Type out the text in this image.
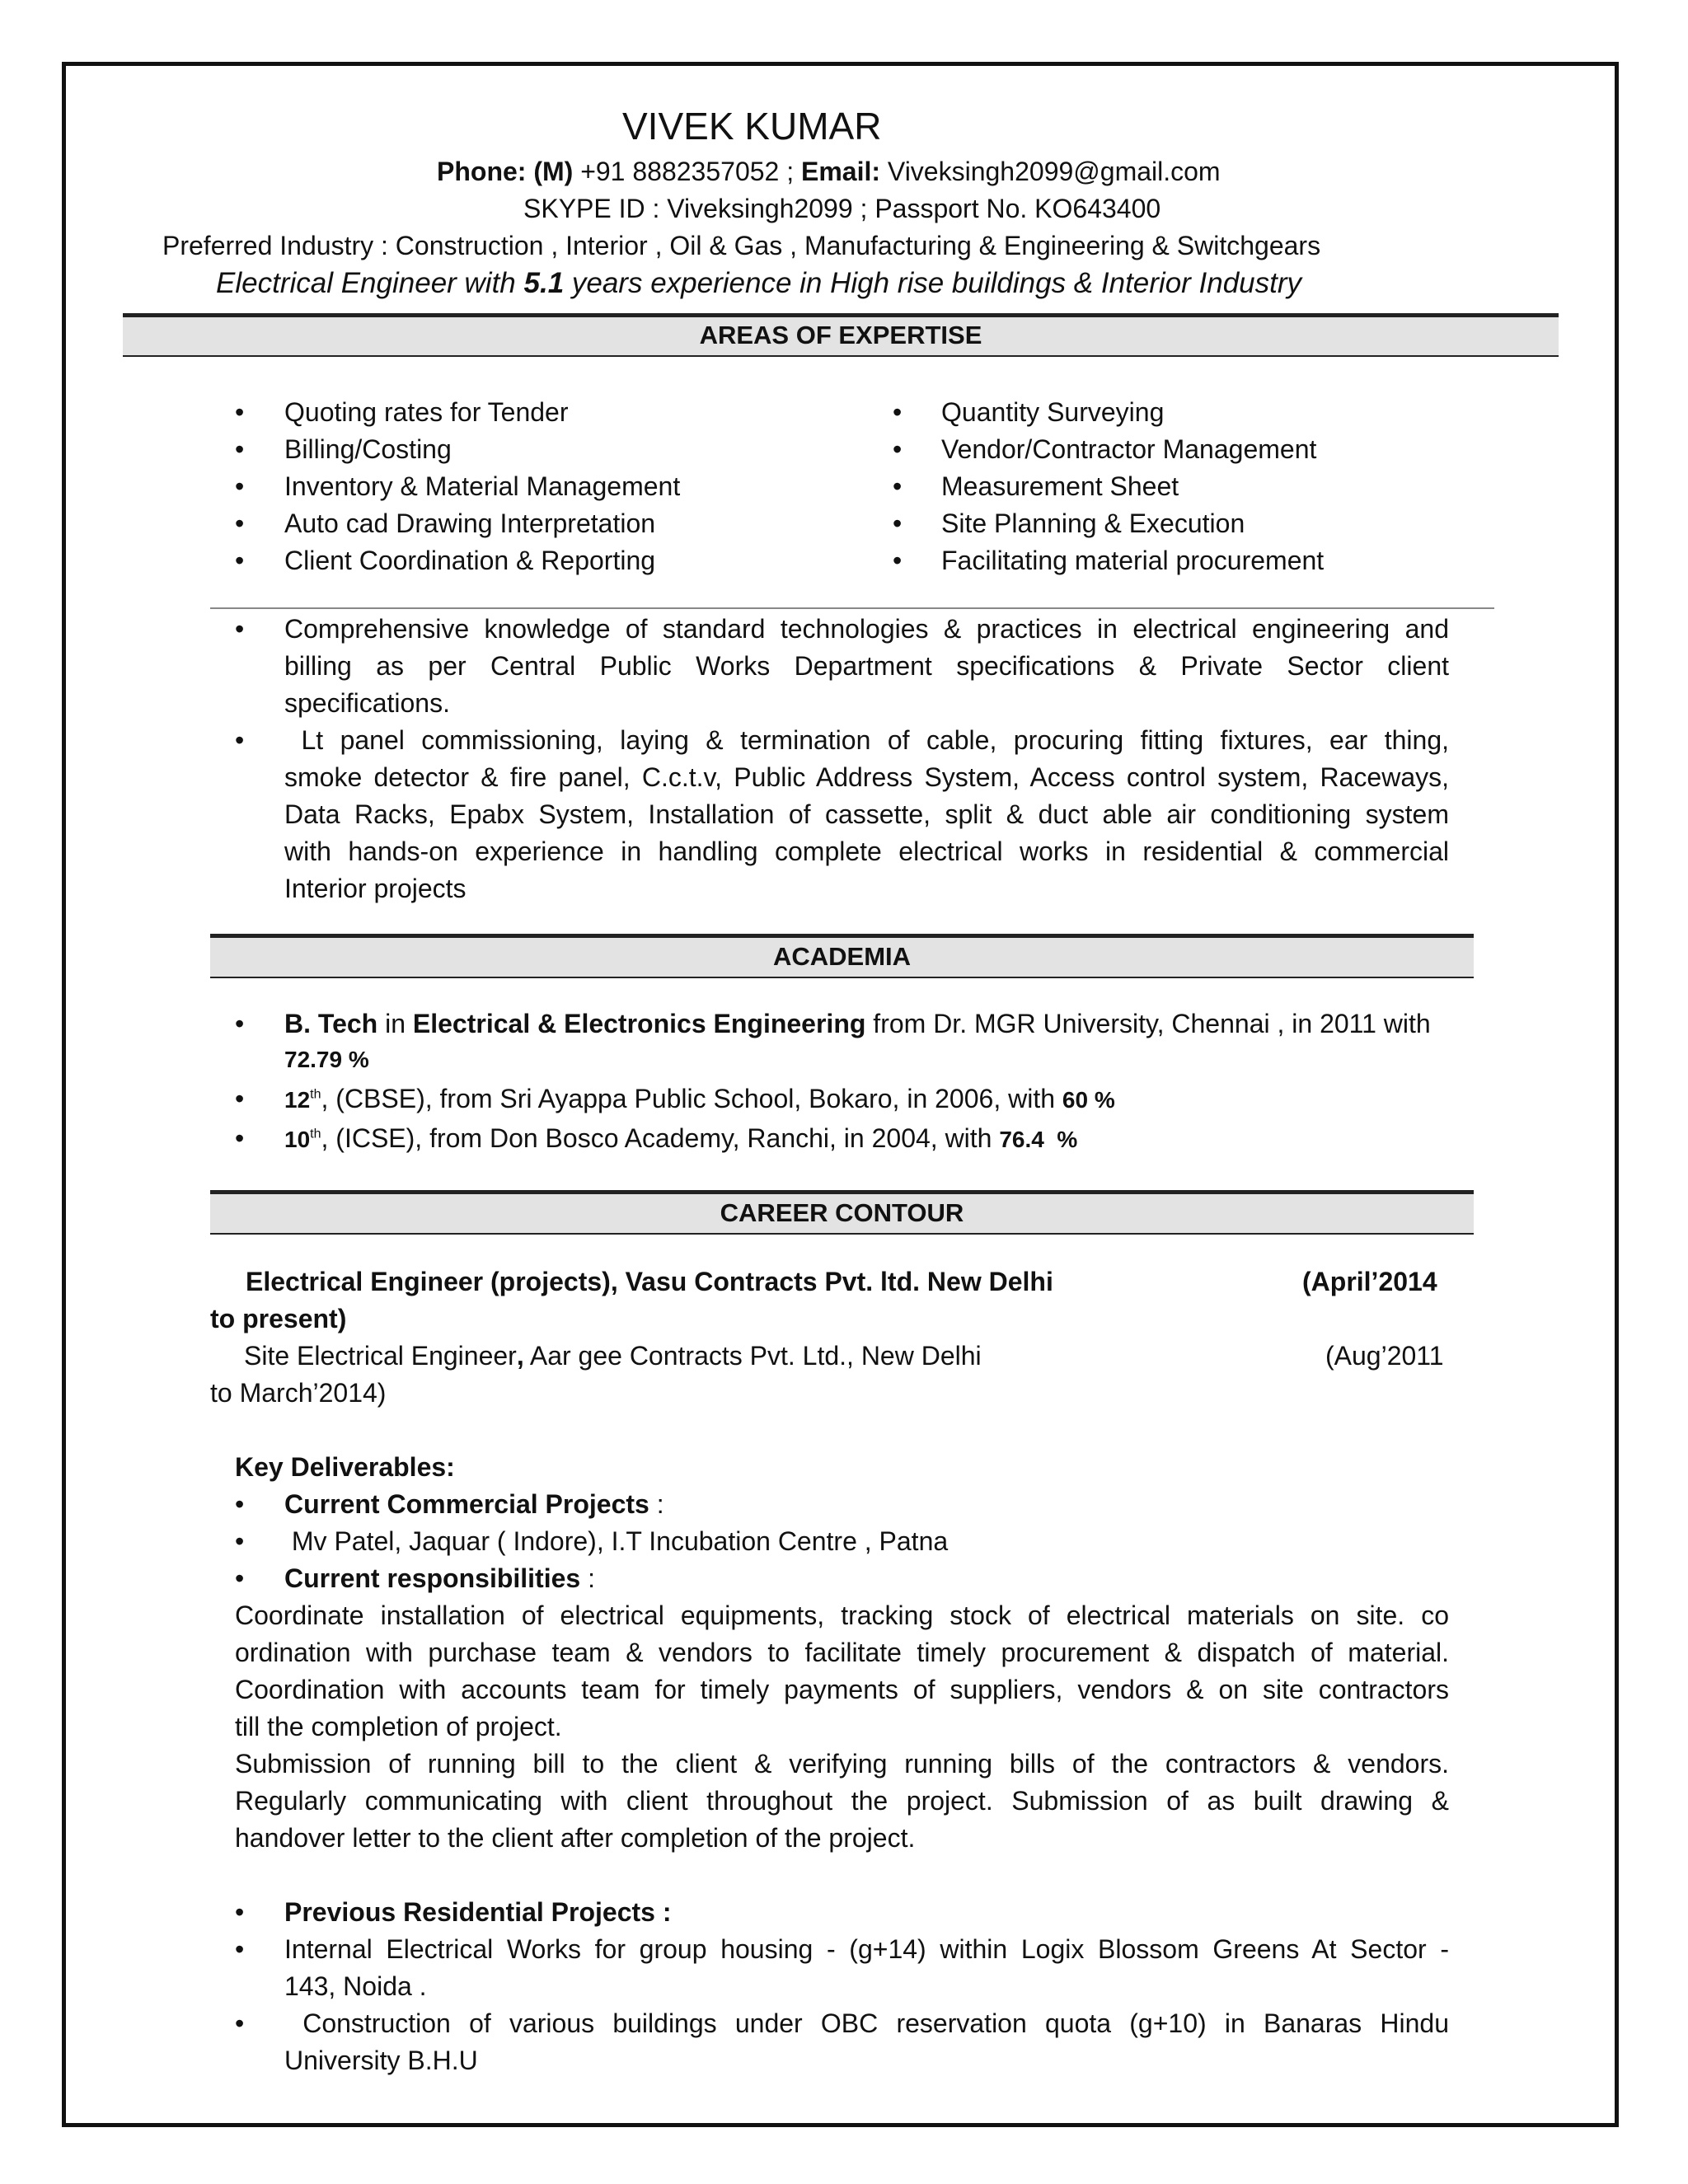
VIVEK KUMAR
Phone: (M) +91 8882357052 ; Email: Viveksingh2099@gmail.com
SKYPE ID : Viveksingh2099 ; Passport No. KO643400
Preferred Industry : Construction , Interior , Oil & Gas , Manufacturing & Engineering & Switchgears
Electrical Engineer with 5.1 years experience in High rise buildings & Interior Industry
AREAS OF EXPERTISE
• Quoting rates for Tender
• Billing/Costing
• Inventory & Material Management
• Auto cad Drawing Interpretation
• Client Coordination & Reporting
• Quantity Surveying
• Vendor/Contractor Management
• Measurement Sheet
• Site Planning & Execution
• Facilitating material procurement
• Comprehensive knowledge of standard technologies & practices in electrical engineering and
billing as per Central Public Works Department specifications & Private Sector client
specifications.
• Lt panel commissioning, laying & termination of cable, procuring fitting fixtures, ear thing,
smoke detector & fire panel, C.c.t.v, Public Address System, Access control system, Raceways,
Data Racks, Epabx System, Installation of cassette, split & duct able air conditioning system
with hands-on experience in handling complete electrical works in residential & commercial
Interior projects
ACADEMIA
• B. Tech in Electrical & Electronics Engineering from Dr. MGR University, Chennai , in 2011 with
72.79 %
• 12th, (CBSE), from Sri Ayappa Public School, Bokaro, in 2006, with 60 %
• 10th, (ICSE), from Don Bosco Academy, Ranchi, in 2004, with 76.4  %
CAREER CONTOUR
Electrical Engineer (projects), Vasu Contracts Pvt. ltd. New Delhi	(April’2014
to present)
Site Electrical Engineer, Aar gee Contracts Pvt. Ltd., New Delhi	(Aug’2011
to March’2014)
Key Deliverables:
• Current Commercial Projects :
• Mv Patel, Jaquar ( Indore), I.T Incubation Centre , Patna
• Current responsibilities :
Coordinate installation of electrical equipments, tracking stock of electrical materials on site. co
ordination with purchase team & vendors to facilitate timely procurement & dispatch of material.
Coordination with accounts team for timely payments of suppliers, vendors & on site contractors
till the completion of project.
Submission of running bill to the client & verifying running bills of the contractors & vendors.
Regularly communicating with client throughout the project. Submission of as built drawing &
handover letter to the client after completion of the project.
• Previous Residential Projects :
• Internal Electrical Works for group housing - (g+14) within Logix Blossom Greens At Sector -
143, Noida .
• Construction of various buildings under OBC reservation quota (g+10) in Banaras Hindu
University B.H.U
